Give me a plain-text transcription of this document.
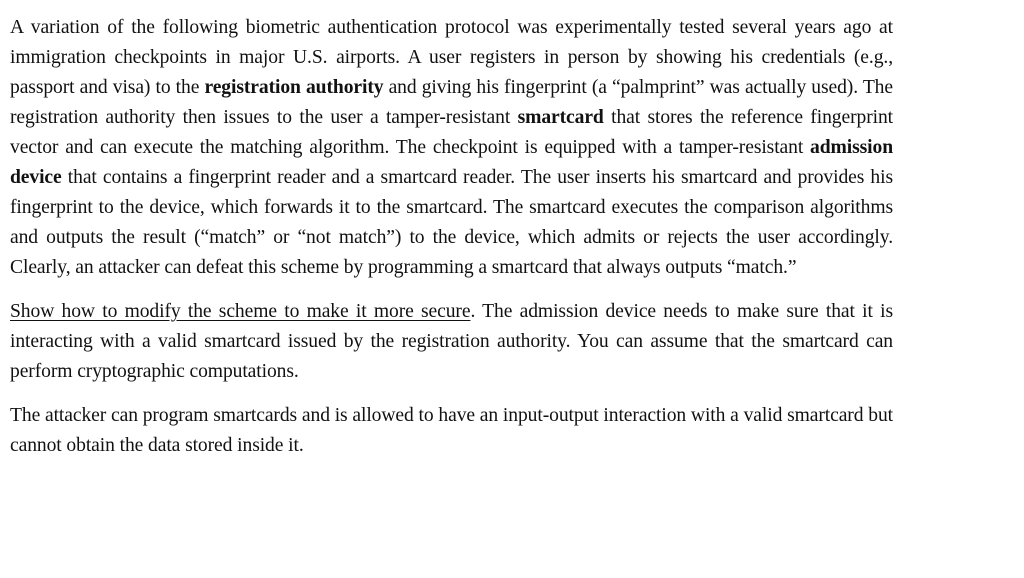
A variation of the following biometric authentication protocol was experimentally tested several years ago at immigration checkpoints in major U.S. airports. A user registers in person by showing his credentials (e.g., passport and visa) to the registration authority and giving his fingerprint (a “palmprint” was actually used). The registration authority then issues to the user a tamper-resistant smartcard that stores the reference fingerprint vector and can execute the matching algorithm. The checkpoint is equipped with a tamper-resistant admission device that contains a fingerprint reader and a smartcard reader. The user inserts his smartcard and provides his fingerprint to the device, which forwards it to the smartcard. The smartcard executes the comparison algorithms and outputs the result (“match” or “not match”) to the device, which admits or rejects the user accordingly. Clearly, an attacker can defeat this scheme by programming a smartcard that always outputs “match.”

Show how to modify the scheme to make it more secure. The admission device needs to make sure that it is interacting with a valid smartcard issued by the registration authority. You can assume that the smartcard can perform cryptographic computations.

The attacker can program smartcards and is allowed to have an input-output interaction with a valid smartcard but cannot obtain the data stored inside it.
